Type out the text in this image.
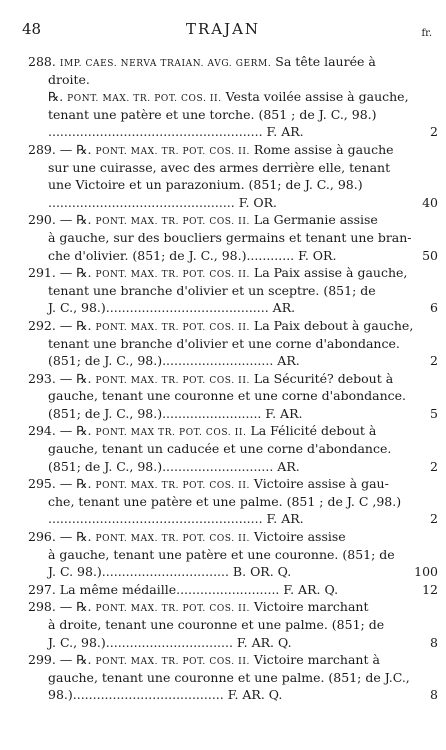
48	TRAJAN	fr.
288. IMP. CAES. NERVA TRAIAN. AVG. GERM. Sa tête laurée à
droite.
℞. PONT. MAX. TR. POT. COS. II. Vesta voilée assise à gauche,
tenant une patère et une torche. (851 ; de J. C., 98.)
...................................................... F. AR.	2
289. — ℞. PONT. MAX. TR. POT. COS. II. Rome assise à gauche
sur une cuirasse, avec des armes derrière elle, tenant
une Victoire et un parazonium. (851; de J. C., 98.)
............................................... F. OR.	40
290. — ℞. PONT. MAX. TR. POT. COS. II. La Germanie assise
à gauche, sur des boucliers germains et tenant une bran-
che d'olivier. (851; de J. C., 98.)............ F. OR.	50
291. — ℞. PONT. MAX. TR. POT. COS. II. La Paix assise à gauche,
tenant une branche d'olivier et un sceptre. (851; de
J. C., 98.)......................................... AR.	6
292. — ℞. PONT. MAX. TR. POT. COS. II. La Paix debout à gauche,
tenant une branche d'olivier et une corne d'abondance.
(851; de J. C., 98.)............................ AR.	2
293. — ℞. PONT. MAX. TR. POT. COS. II. La Sécurité? debout à
gauche, tenant une couronne et une corne d'abondance.
(851; de J. C., 98.)......................... F. AR.	5
294. — ℞. PONT. MAX TR. POT. COS. II. La Félicité debout à
gauche, tenant un caducée et une corne d'abondance.
(851; de J. C., 98.)............................ AR.	2
295. — ℞. PONT. MAX. TR. POT. COS. II. Victoire assise à gau-
che, tenant une patère et une palme. (851 ; de J. C ,98.)
...................................................... F. AR.	2
296. — ℞. PONT. MAX. TR. POT. COS. II. Victoire assise
à gauche, tenant une patère et une couronne. (851; de
J. C. 98.)................................ B. OR. Q.	100
297. La même médaille.......................... F. AR. Q.	12
298. — ℞. PONT. MAX. TR. POT. COS. II. Victoire marchant
à droite, tenant une couronne et une palme. (851; de
J. C., 98.)................................ F. AR. Q.	8
299. — ℞. PONT. MAX. TR. POT. COS. II. Victoire marchant à
gauche, tenant une couronne et une palme. (851; de J.C.,
98.)...................................... F. AR. Q.	8
